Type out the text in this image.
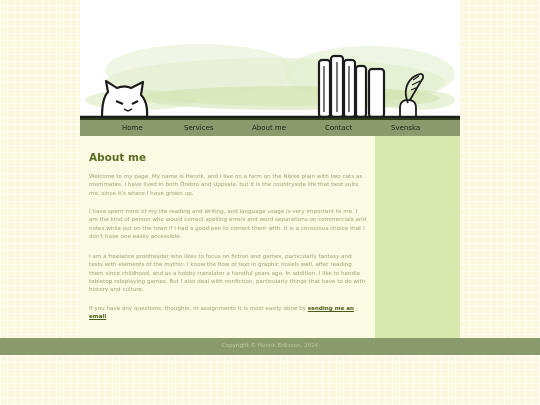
Home	Services	About me	Contact	Svenska
About me

Welcome to my page. My name is Henrik, and I live on a farm on the Närke plain with two cats as roommates. I have lived in both Örebro and Uppsala, but it is the countryside life that best suits me, since it's where I have grown up.

I have spent most of my life reading and writing, and language usage is very important to me. I am the kind of person who would correct spelling errors and word separations on commercials and notes while out on the town if I had a good pen to correct them with. It is a conscious choice that I don't have one easily accessible.

I am a freelance proofreader who likes to focus on fiction and games, particularly fantasy and texts with elements of the mythic. I know the flow of text in graphic novels well, after reading them since childhood, and as a hobby translator a handful years ago. In addition, I like to handle tabletop roleplaying games. But I also deal with nonfiction, particularly things that have to do with history and culture.

If you have any questions, thoughts, or assignments it is most easily done by sending me an email.

Copyright © Henrik Eriksson, 2024
